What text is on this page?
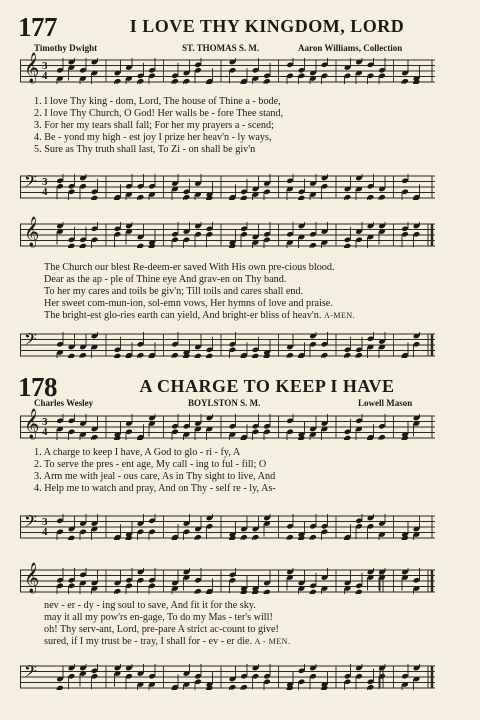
177	I LOVE THY KINGDOM, LORD
Timothy Dwight	ST. THOMAS S. M.	Aaron Williams, Collection
𝄞 3
4
1. I love Thy king - dom, Lord, The house of Thine a - bode,
2. I love Thy Church, O God! Her walls be - fore Thee stand,
3. For her my tears shall fall; For her my prayers a - scend;
4. Be - yond my high - est joy I prize her heav'n - ly ways,
5. Sure as Thy truth shall last, To Zi - on shall be giv'n
𝄢 3
4
𝄞
The Church our blest Re-deem-er saved With His own pre-cious blood.
Dear as the ap - ple of Thine eye And grav-en on Thy band.
To her my cares and toils be giv'n; Till toils and cares shall end.
Her sweet com-mun-ion, sol-emn vows, Her hymns of love and praise.
The bright-est glo-ries earth can yield, And bright-er bliss of heav'n. A-MEN.
𝄢
178	A CHARGE TO KEEP I HAVE
Charles Wesley	BOYLSTON S. M.	Lowell Mason
𝄞 3
4
1. A charge to keep I have, A God to glo - ri - fy, A
2. To serve the pres - ent age, My call - ing to ful - fill; O
3. Arm me with jeal - ous care, As in Thy sight to live, And
4. Help me to watch and pray, And on Thy - self re - ly, As-
𝄢 3
4
𝄞
nev - er - dy - ing soul to save, And fit it for the sky.
may it all my pow'rs en-gage, To do my Mas - ter's will!
oh! Thy serv-ant, Lord, pre-pare A strict ac-count to give!
sured, if I my trust be - tray, I shall for - ev - er die. A - MEN.
𝄢
